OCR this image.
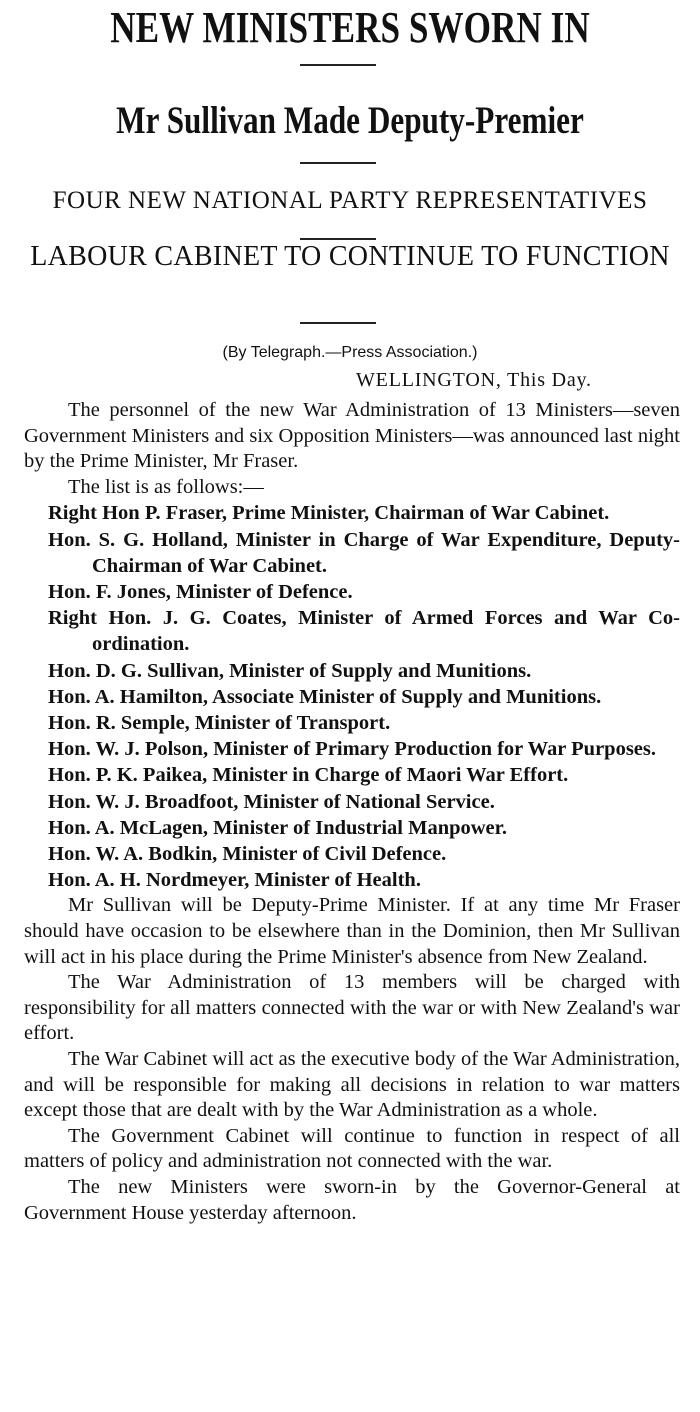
NEW MINISTERS SWORN IN
Mr Sullivan Made Deputy-Premier
FOUR NEW NATIONAL PARTY REPRESENTATIVES
LABOUR CABINET TO CONTINUE TO FUNCTION
(By Telegraph.—Press Association.)
WELLINGTON, This Day.

The personnel of the new War Administration of 13 Ministers—seven Government Ministers and six Opposition Ministers—was announced last night by the Prime Minister, Mr Fraser.

The list is as follows:—

Right Hon P. Fraser, Prime Minister, Chairman of War Cabinet.
Hon. S. G. Holland, Minister in Charge of War Expenditure, Deputy-Chairman of War Cabinet.
Hon. F. Jones, Minister of Defence.
Right Hon. J. G. Coates, Minister of Armed Forces and War Co-ordination.
Hon. D. G. Sullivan, Minister of Supply and Munitions.
Hon. A. Hamilton, Associate Minister of Supply and Munitions.
Hon. R. Semple, Minister of Transport.
Hon. W. J. Polson, Minister of Primary Production for War Purposes.
Hon. P. K. Paikea, Minister in Charge of Maori War Effort.
Hon. W. J. Broadfoot, Minister of National Service.
Hon. A. McLagen, Minister of Industrial Manpower.
Hon. W. A. Bodkin, Minister of Civil Defence.
Hon. A. H. Nordmeyer, Minister of Health.

Mr Sullivan will be Deputy-Prime Minister. If at any time Mr Fraser should have occasion to be elsewhere than in the Dominion, then Mr Sullivan will act in his place during the Prime Minister's absence from New Zealand.

The War Administration of 13 members will be charged with responsibility for all matters connected with the war or with New Zealand's war effort.

The War Cabinet will act as the executive body of the War Administration, and will be responsible for making all decisions in relation to war matters except those that are dealt with by the War Administration as a whole.

The Government Cabinet will continue to function in respect of all matters of policy and administration not connected with the war.

The new Ministers were sworn-in by the Governor-General at Government House yesterday afternoon.
